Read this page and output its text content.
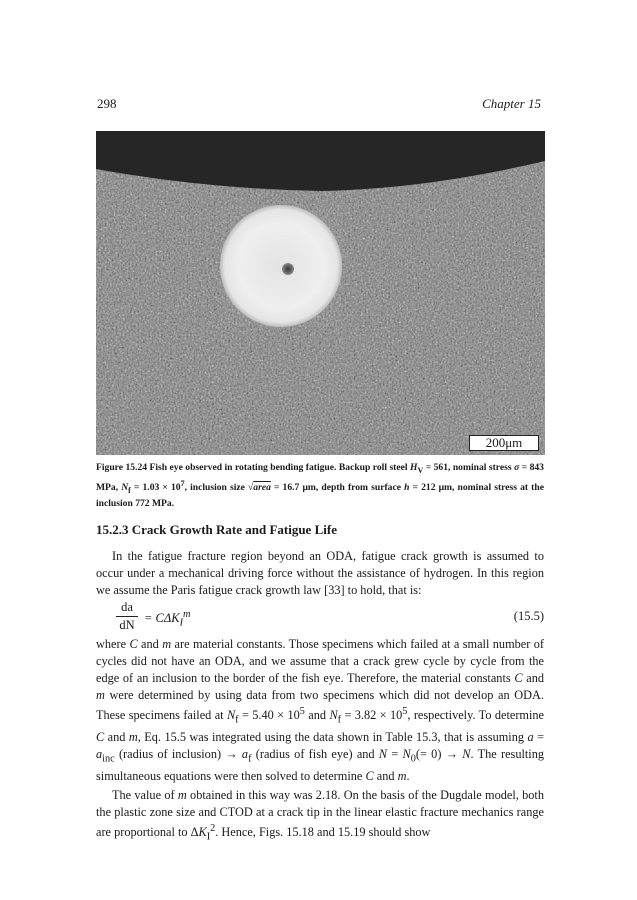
298	Chapter 15
200μm
Figure 15.24 Fish eye observed in rotating bending fatigue. Backup roll steel $H_V = 561$, nominal stress σ = 843 MPa, $N_f = 1.03 \times 10^7$, inclusion size √area = 16.7 μm, depth from surface h = 212 μm, nominal stress at the inclusion 772 MPa.
15.2.3 Crack Growth Rate and Fatigue Life
In the fatigue fracture region beyond an ODA, fatigue crack growth is assumed to occur under a mechanical driving force without the assistance of hydrogen. In this region we assume the Paris fatigue crack growth law [33] to hold, that is:
$\frac{da}{dN} = C\Delta K_I^m$	(15.5)
where C and m are material constants. Those specimens which failed at a small number of cycles did not have an ODA, and we assume that a crack grew cycle by cycle from the edge of an inclusion to the border of the fish eye. Therefore, the material constants C and m were determined by using data from two specimens which did not develop an ODA. These specimens failed at $N_f = 5.40 \times 10^5$ and $N_f = 3.82 \times 10^5$, respectively. To determine C and m, Eq. 15.5 was integrated using the data shown in Table 15.3, that is assuming $a = a_{inc}$ (radius of inclusion) → $a_f$ (radius of fish eye) and $N = N_0(= 0) \to N$. The resulting simultaneous equations were then solved to determine C and m.
The value of m obtained in this way was 2.18. On the basis of the Dugdale model, both the plastic zone size and CTOD at a crack tip in the linear elastic fracture mechanics range are proportional to $\Delta K_I^2$. Hence, Figs. 15.18 and 15.19 should show
